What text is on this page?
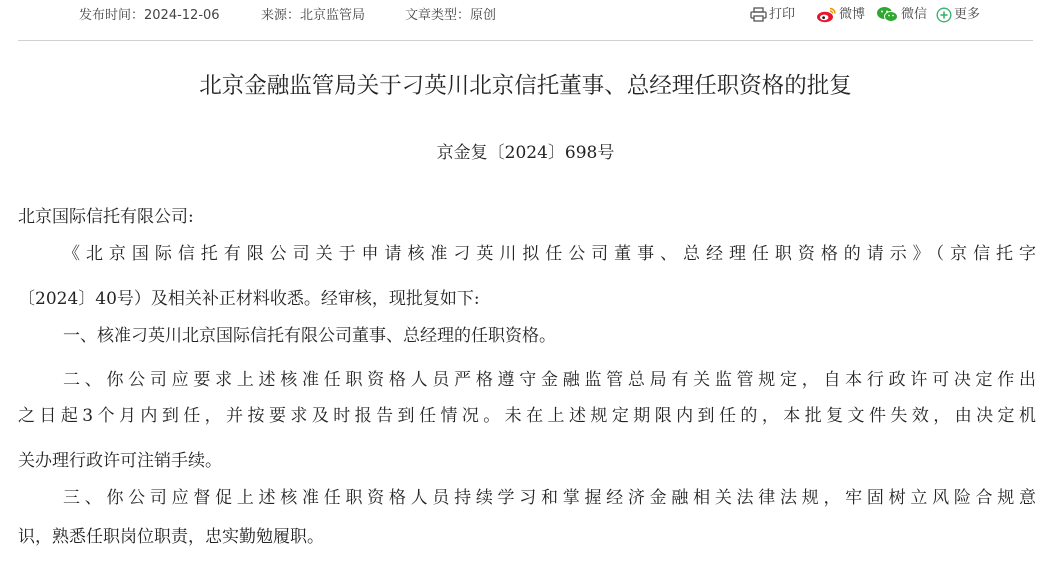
发布时间：2024-12-06	来源：北京监管局	文章类型：原创	打印	微博	微信 更多
北京金融监管局关于刁英川北京信托董事、总经理任职资格的批复
京金复〔2024〕698号
北京国际信托有限公司:
《北京国际信托有限公司关于申请核准刁英川拟任公司董事、总经理任职资格的请示》（京信托字
〔2024〕40号）及相关补正材料收悉。经审核，现批复如下:
一、核准刁英川北京国际信托有限公司董事、总经理的任职资格。
二、你公司应要求上述核准任职资格人员严格遵守金融监管总局有关监管规定，自本行政许可决定作出
之日起3个月内到任，并按要求及时报告到任情况。未在上述规定期限内到任的，本批复文件失效，由决定机
关办理行政许可注销手续。
三、你公司应督促上述核准任职资格人员持续学习和掌握经济金融相关法律法规，牢固树立风险合规意
识，熟悉任职岗位职责，忠实勤勉履职。
